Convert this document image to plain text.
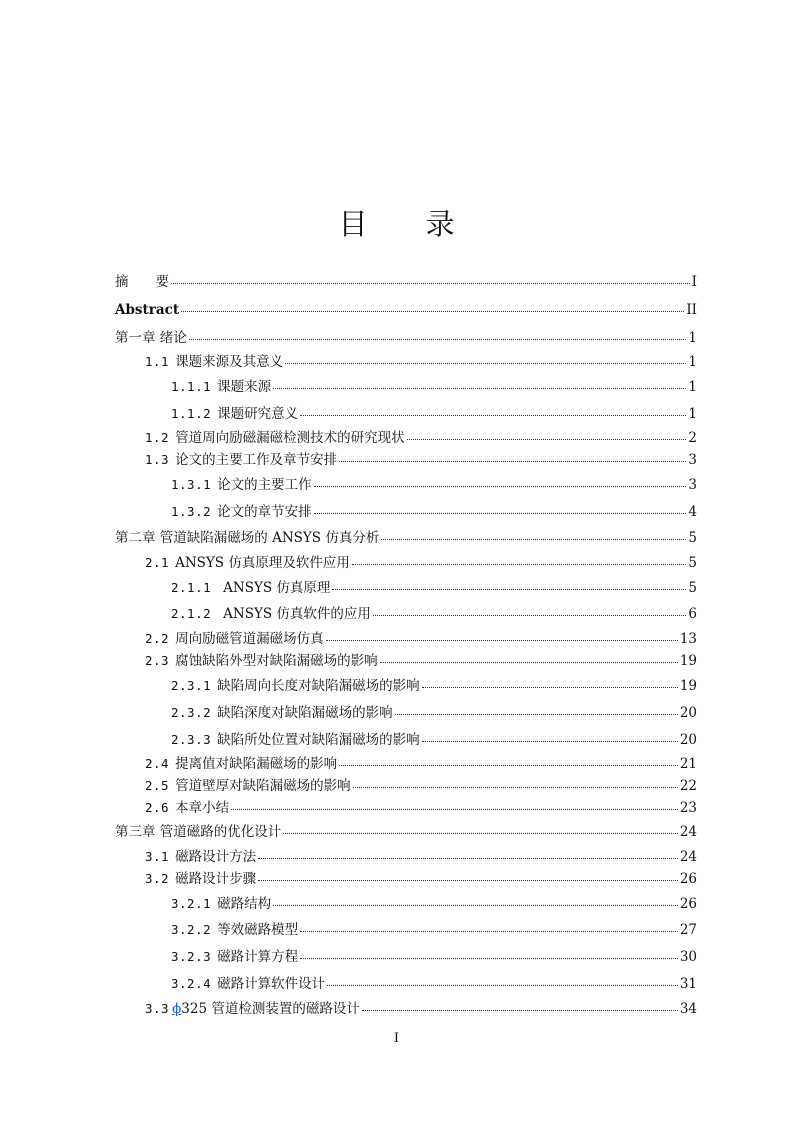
目 录
摘　　要	I
Abstract	II
第一章 绪论	1
1.1 课题来源及其意义	1
1.1.1 课题来源	1
1.1.2 课题研究意义	1
1.2 管道周向励磁漏磁检测技术的研究现状	2
1.3 论文的主要工作及章节安排	3
1.3.1 论文的主要工作	3
1.3.2 论文的章节安排	4
第二章 管道缺陷漏磁场的 ANSYS 仿真分析	5
2.1 ANSYS 仿真原理及软件应用	5
2.1.1 ANSYS 仿真原理	5
2.1.2 ANSYS 仿真软件的应用	6
2.2 周向励磁管道漏磁场仿真	13
2.3 腐蚀缺陷外型对缺陷漏磁场的影响	19
2.3.1 缺陷周向长度对缺陷漏磁场的影响	19
2.3.2 缺陷深度对缺陷漏磁场的影响	20
2.3.3 缺陷所处位置对缺陷漏磁场的影响	20
2.4 提离值对缺陷漏磁场的影响	21
2.5 管道壁厚对缺陷漏磁场的影响	22
2.6 本章小结	23
第三章 管道磁路的优化设计	24
3.1 磁路设计方法	24
3.2 磁路设计步骤	26
3.2.1 磁路结构	26
3.2.2 等效磁路模型	27
3.2.3 磁路计算方程	30
3.2.4 磁路计算软件设计	31
3.3 ϕ325 管道检测装置的磁路设计	34
I
